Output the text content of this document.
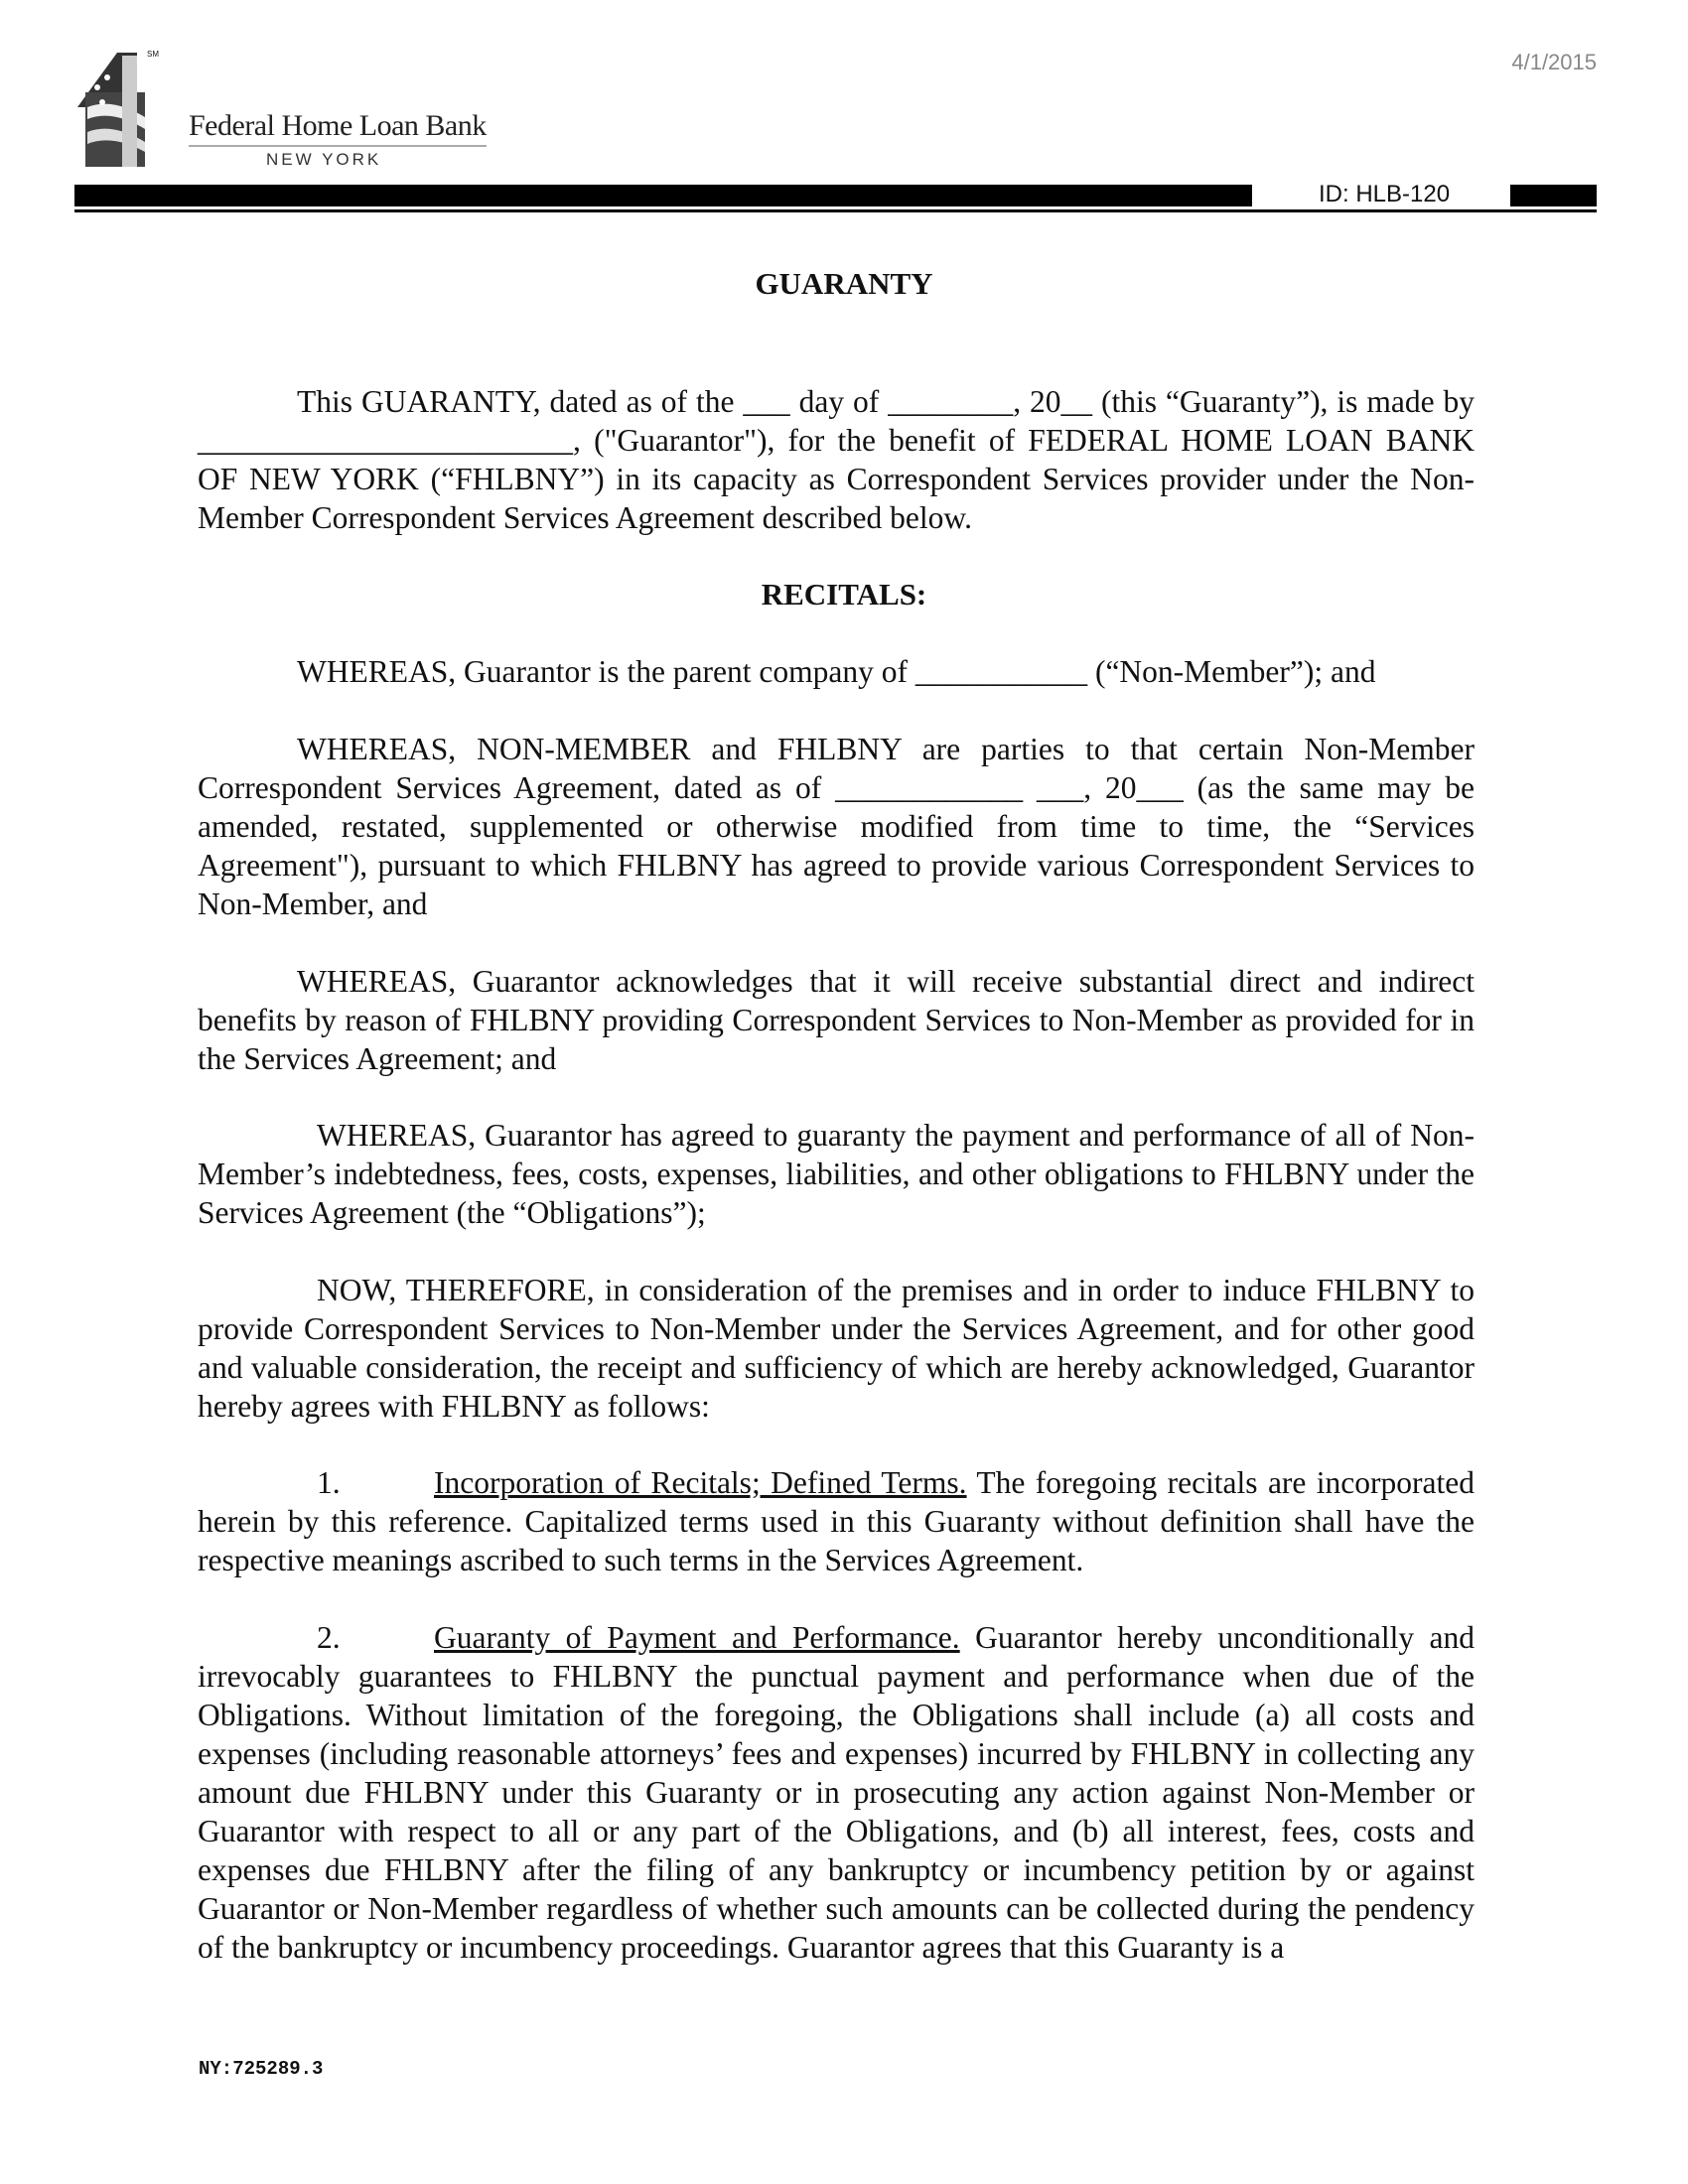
SM
Federal Home Loan Bank
NEW YORK
4/1/2015
ID: HLB-120
GUARANTY
This GUARANTY, dated as of the ___ day of ________, 20__ (this “Guaranty”), is made by ________________________, ("Guarantor"), for the benefit of FEDERAL HOME LOAN BANK OF NEW YORK (“FHLBNY”) in its capacity as Correspondent Services provider under the Non-Member Correspondent Services Agreement described below.
RECITALS:
WHEREAS, Guarantor is the parent company of ___________ (“Non-Member”); and
WHEREAS, NON-MEMBER and FHLBNY are parties to that certain Non-Member Correspondent Services Agreement, dated as of ____________ ___, 20___ (as the same may be amended, restated, supplemented or otherwise modified from time to time, the “Services Agreement"), pursuant to which FHLBNY has agreed to provide various Correspondent Services to Non-Member, and
WHEREAS, Guarantor acknowledges that it will receive substantial direct and indirect benefits by reason of FHLBNY providing Correspondent Services to Non-Member as provided for in the Services Agreement; and
WHEREAS, Guarantor has agreed to guaranty the payment and performance of all of Non-Member’s indebtedness, fees, costs, expenses, liabilities, and other obligations to FHLBNY under the Services Agreement (the “Obligations”);
NOW, THEREFORE, in consideration of the premises and in order to induce FHLBNY to provide Correspondent Services to Non-Member under the Services Agreement, and for other good and valuable consideration, the receipt and sufficiency of which are hereby acknowledged, Guarantor hereby agrees with FHLBNY as follows:
1.	Incorporation of Recitals; Defined Terms. The foregoing recitals are incorporated herein by this reference. Capitalized terms used in this Guaranty without definition shall have the respective meanings ascribed to such terms in the Services Agreement.
2.	Guaranty of Payment and Performance. Guarantor hereby unconditionally and irrevocably guarantees to FHLBNY the punctual payment and performance when due of the Obligations. Without limitation of the foregoing, the Obligations shall include (a) all costs and expenses (including reasonable attorneys’ fees and expenses) incurred by FHLBNY in collecting any amount due FHLBNY under this Guaranty or in prosecuting any action against Non-Member or Guarantor with respect to all or any part of the Obligations, and (b) all interest, fees, costs and expenses due FHLBNY after the filing of any bankruptcy or incumbency petition by or against Guarantor or Non-Member regardless of whether such amounts can be collected during the pendency of the bankruptcy or incumbency proceedings. Guarantor agrees that this Guaranty is a
NY:725289.3
